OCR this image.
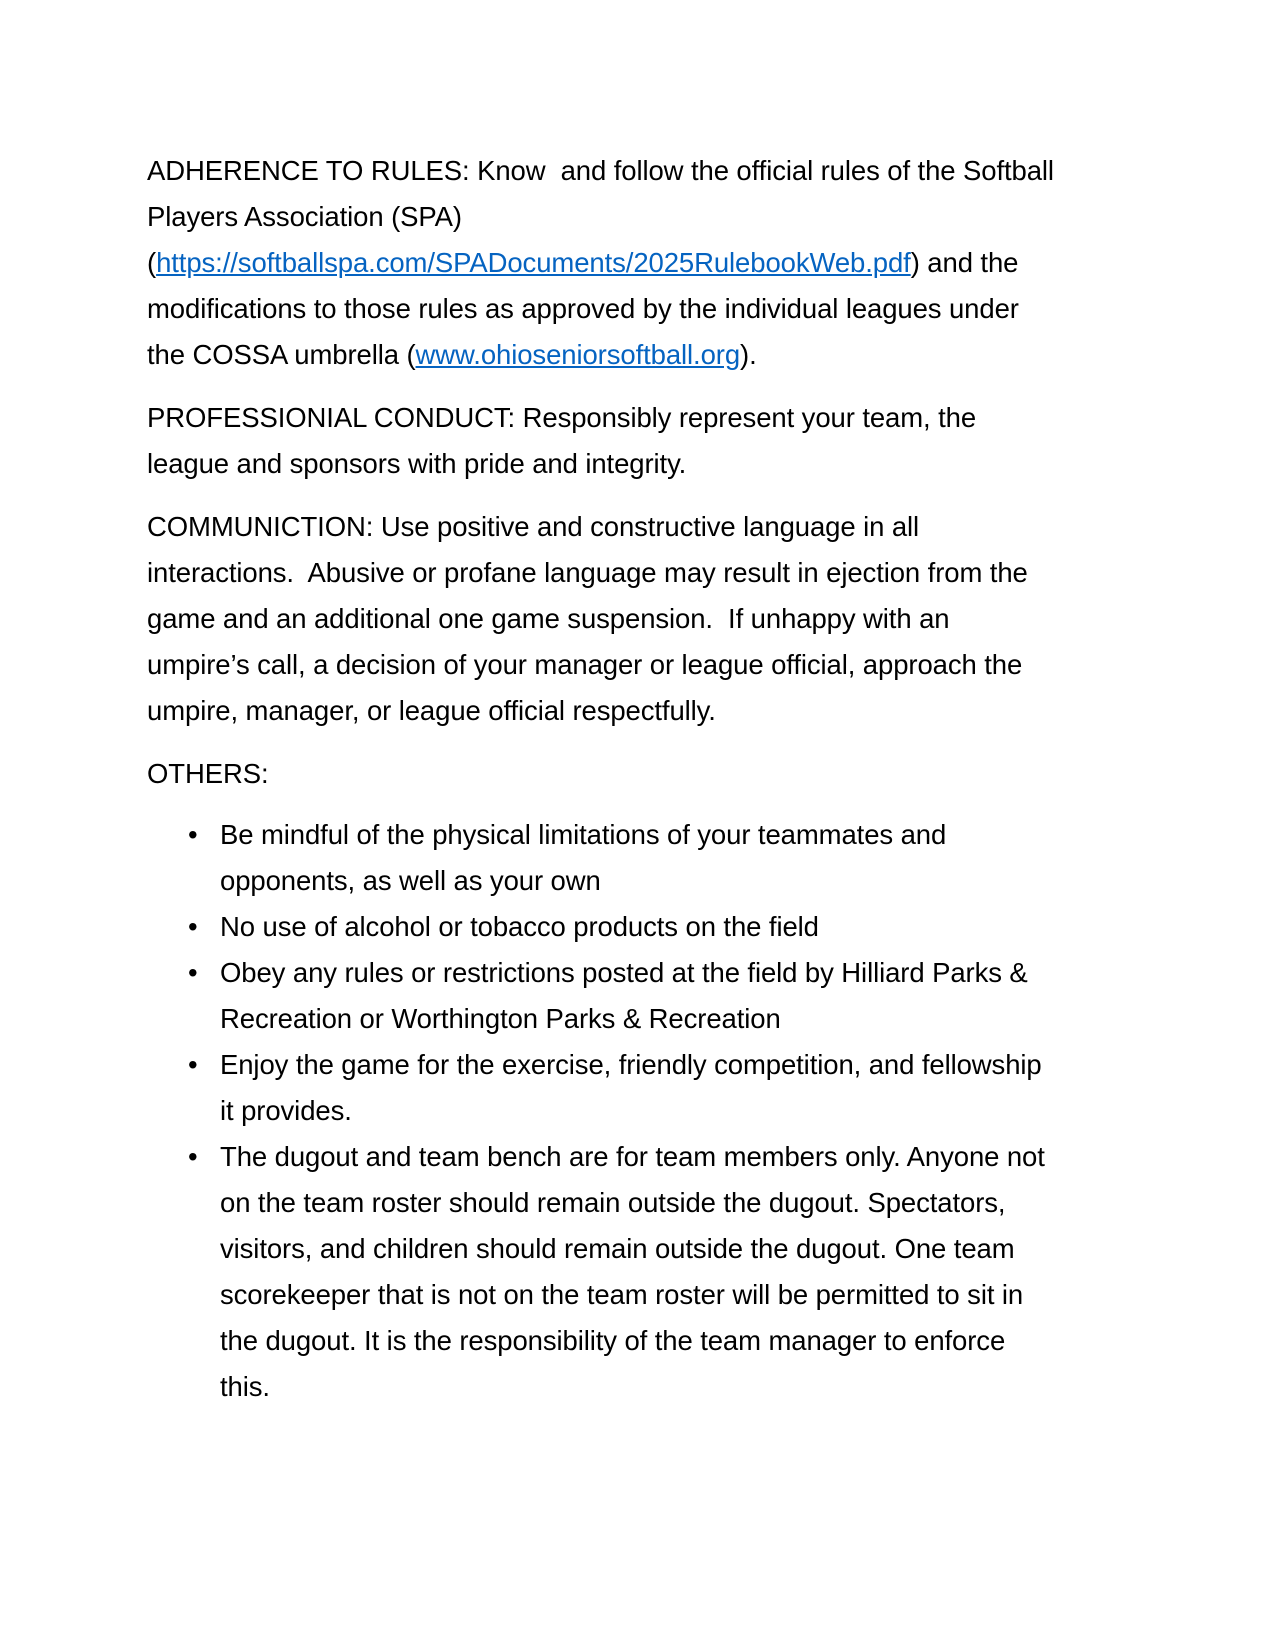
ADHERENCE TO RULES: Know  and follow the official rules of the Softball Players Association (SPA) (https://softballspa.com/SPADocuments/2025RulebookWeb.pdf) and the modifications to those rules as approved by the individual leagues under the COSSA umbrella (www.ohioseniorsoftball.org).

PROFESSIONIAL CONDUCT: Responsibly represent your team, the league and sponsors with pride and integrity.

COMMUNICTION: Use positive and constructive language in all interactions.  Abusive or profane language may result in ejection from the game and an additional one game suspension.  If unhappy with an umpire’s call, a decision of your manager or league official, approach the umpire, manager, or league official respectfully.

OTHERS:

• Be mindful of the physical limitations of your teammates and opponents, as well as your own
• No use of alcohol or tobacco products on the field
• Obey any rules or restrictions posted at the field by Hilliard Parks & Recreation or Worthington Parks & Recreation
• Enjoy the game for the exercise, friendly competition, and fellowship it provides.
• The dugout and team bench are for team members only. Anyone not on the team roster should remain outside the dugout. Spectators, visitors, and children should remain outside the dugout. One team scorekeeper that is not on the team roster will be permitted to sit in the dugout. It is the responsibility of the team manager to enforce this.
